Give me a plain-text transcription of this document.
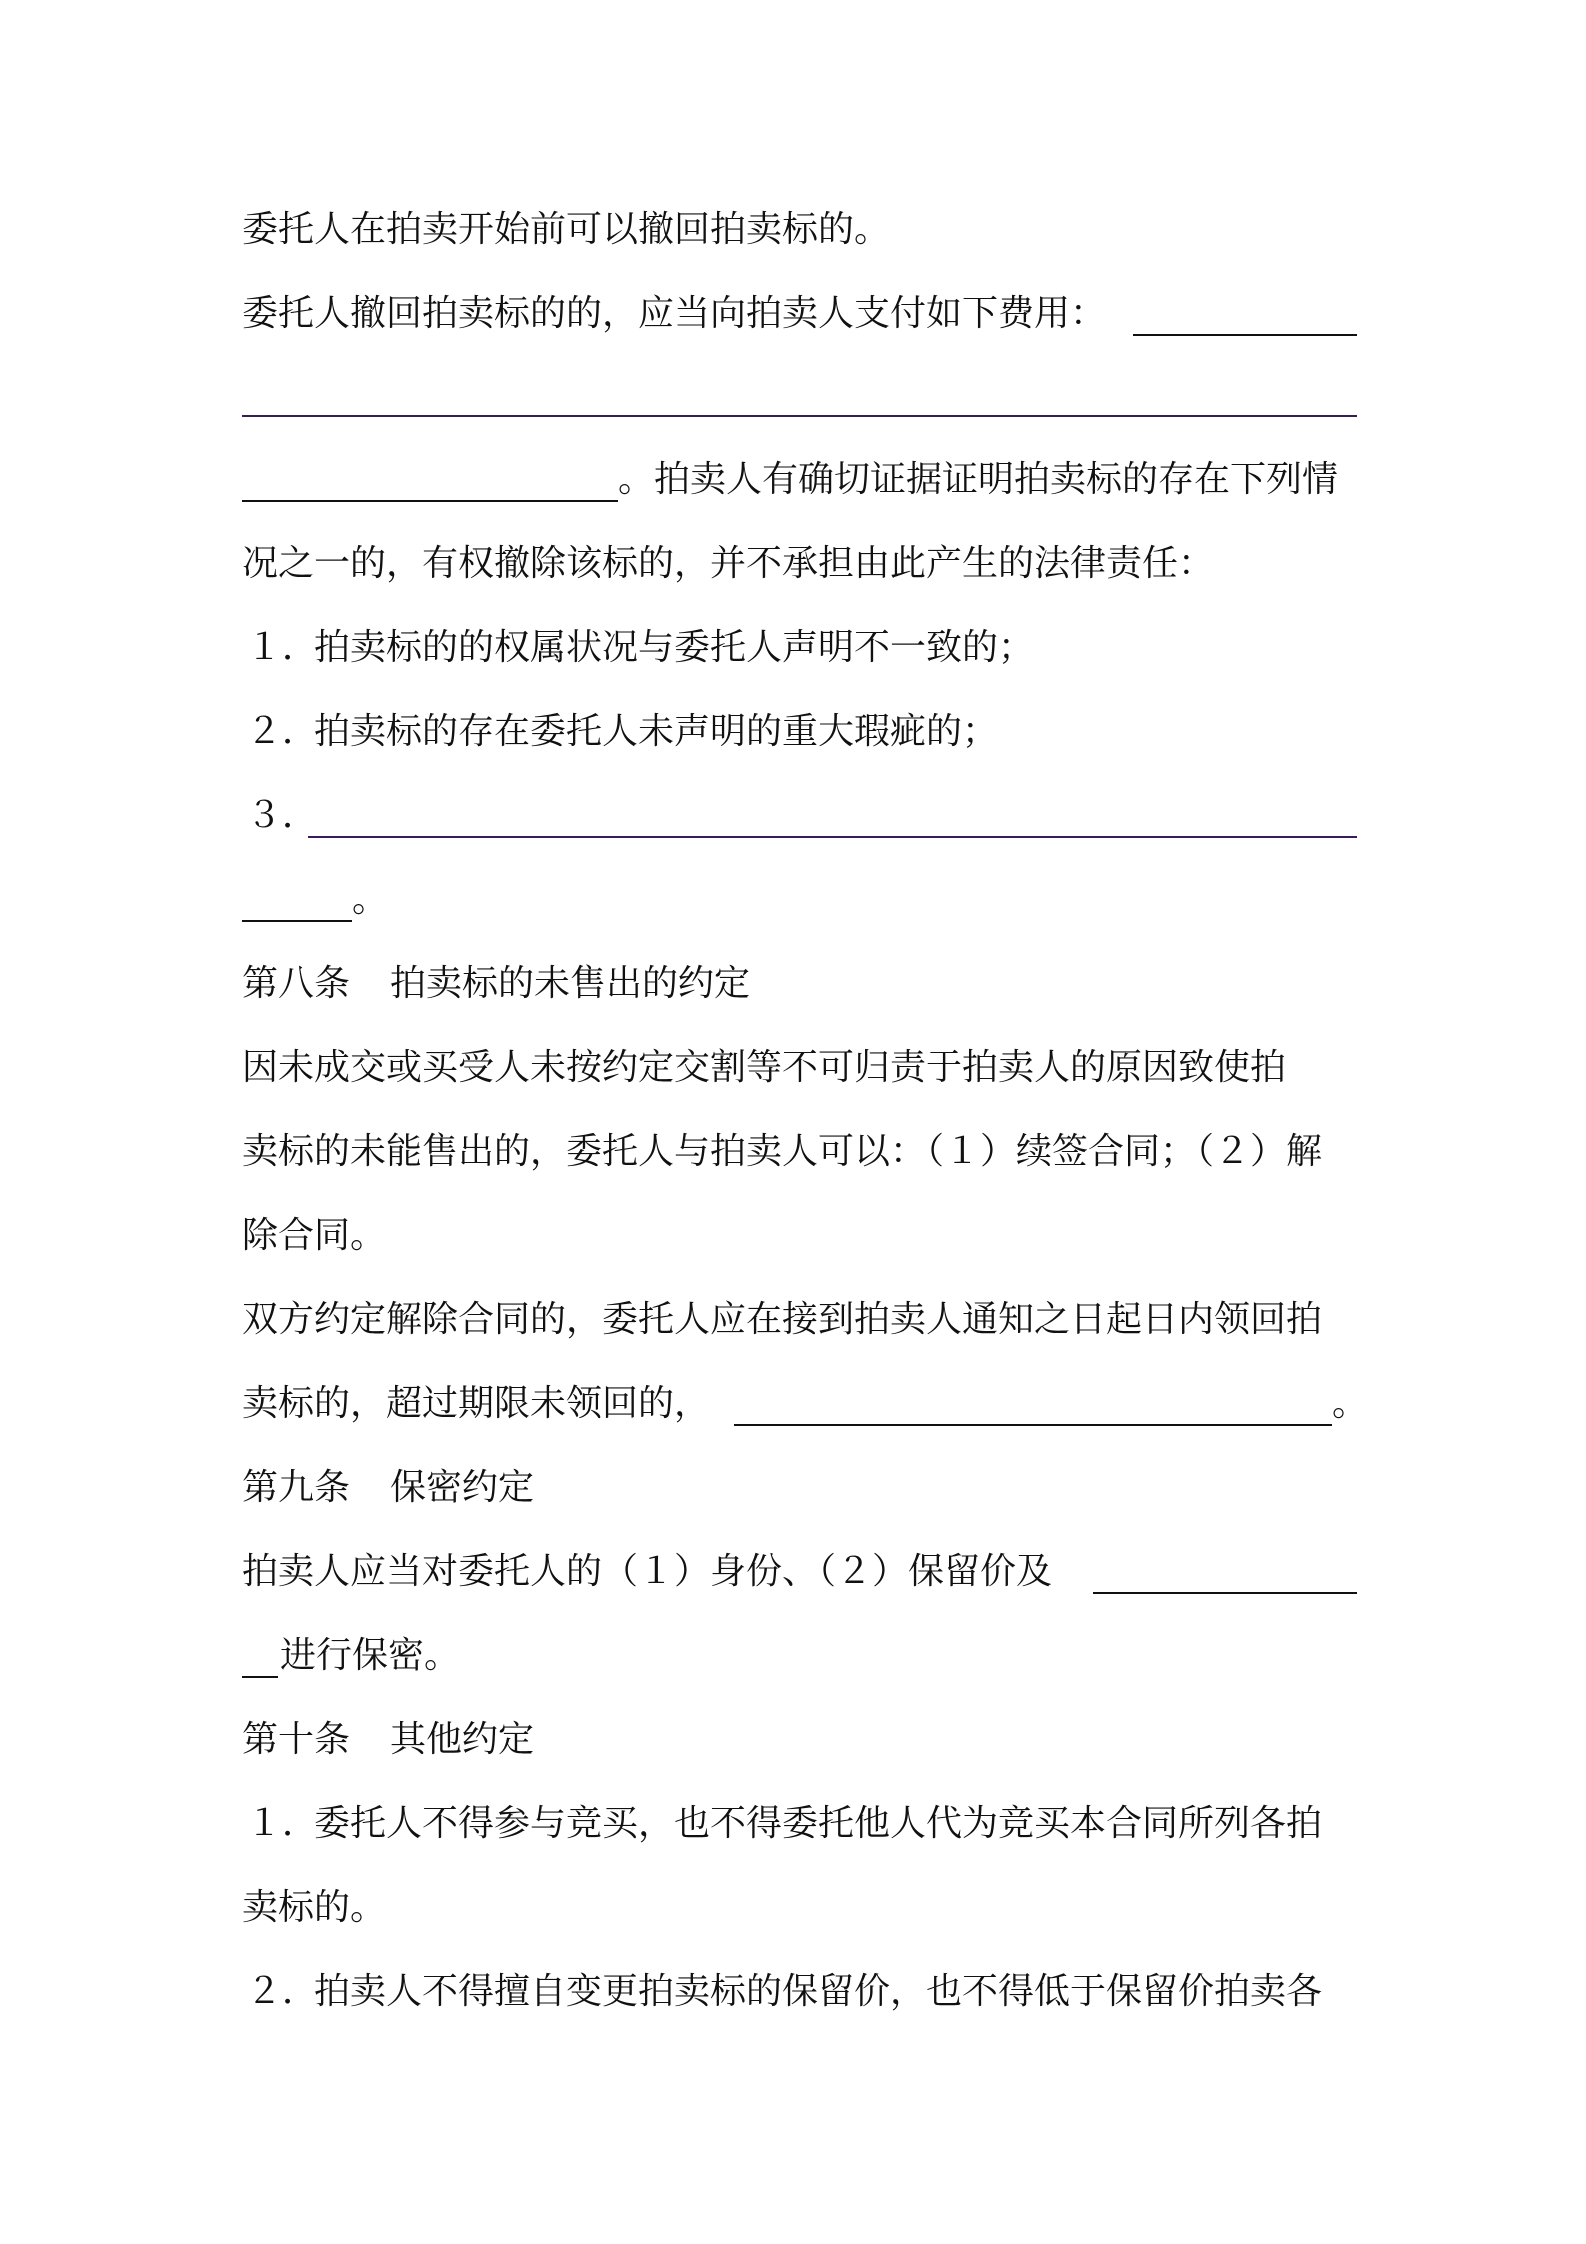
委托人在拍卖开始前可以撤回拍卖标的。
委托人撤回拍卖标的的，应当向拍卖人支付如下费用：
。拍卖人有确切证据证明拍卖标的存在下列情
况之一的，有权撤除该标的，并不承担由此产生的法律责任：
１．拍卖标的的权属状况与委托人声明不一致的；
２．拍卖标的存在委托人未声明的重大瑕疵的；
３．
。
第八条 拍卖标的未售出的约定
因未成交或买受人未按约定交割等不可归责于拍卖人的原因致使拍
卖标的未能售出的，委托人与拍卖人可以：（１）续签合同；（２）解
除合同。
双方约定解除合同的，委托人应在接到拍卖人通知之日起日内领回拍
卖标的，超过期限未领回的，	。
第九条 保密约定
拍卖人应当对委托人的（１）身份、（２）保留价及
进行保密。
第十条 其他约定
１．委托人不得参与竞买，也不得委托他人代为竞买本合同所列各拍
卖标的。
２．拍卖人不得擅自变更拍卖标的保留价，也不得低于保留价拍卖各
